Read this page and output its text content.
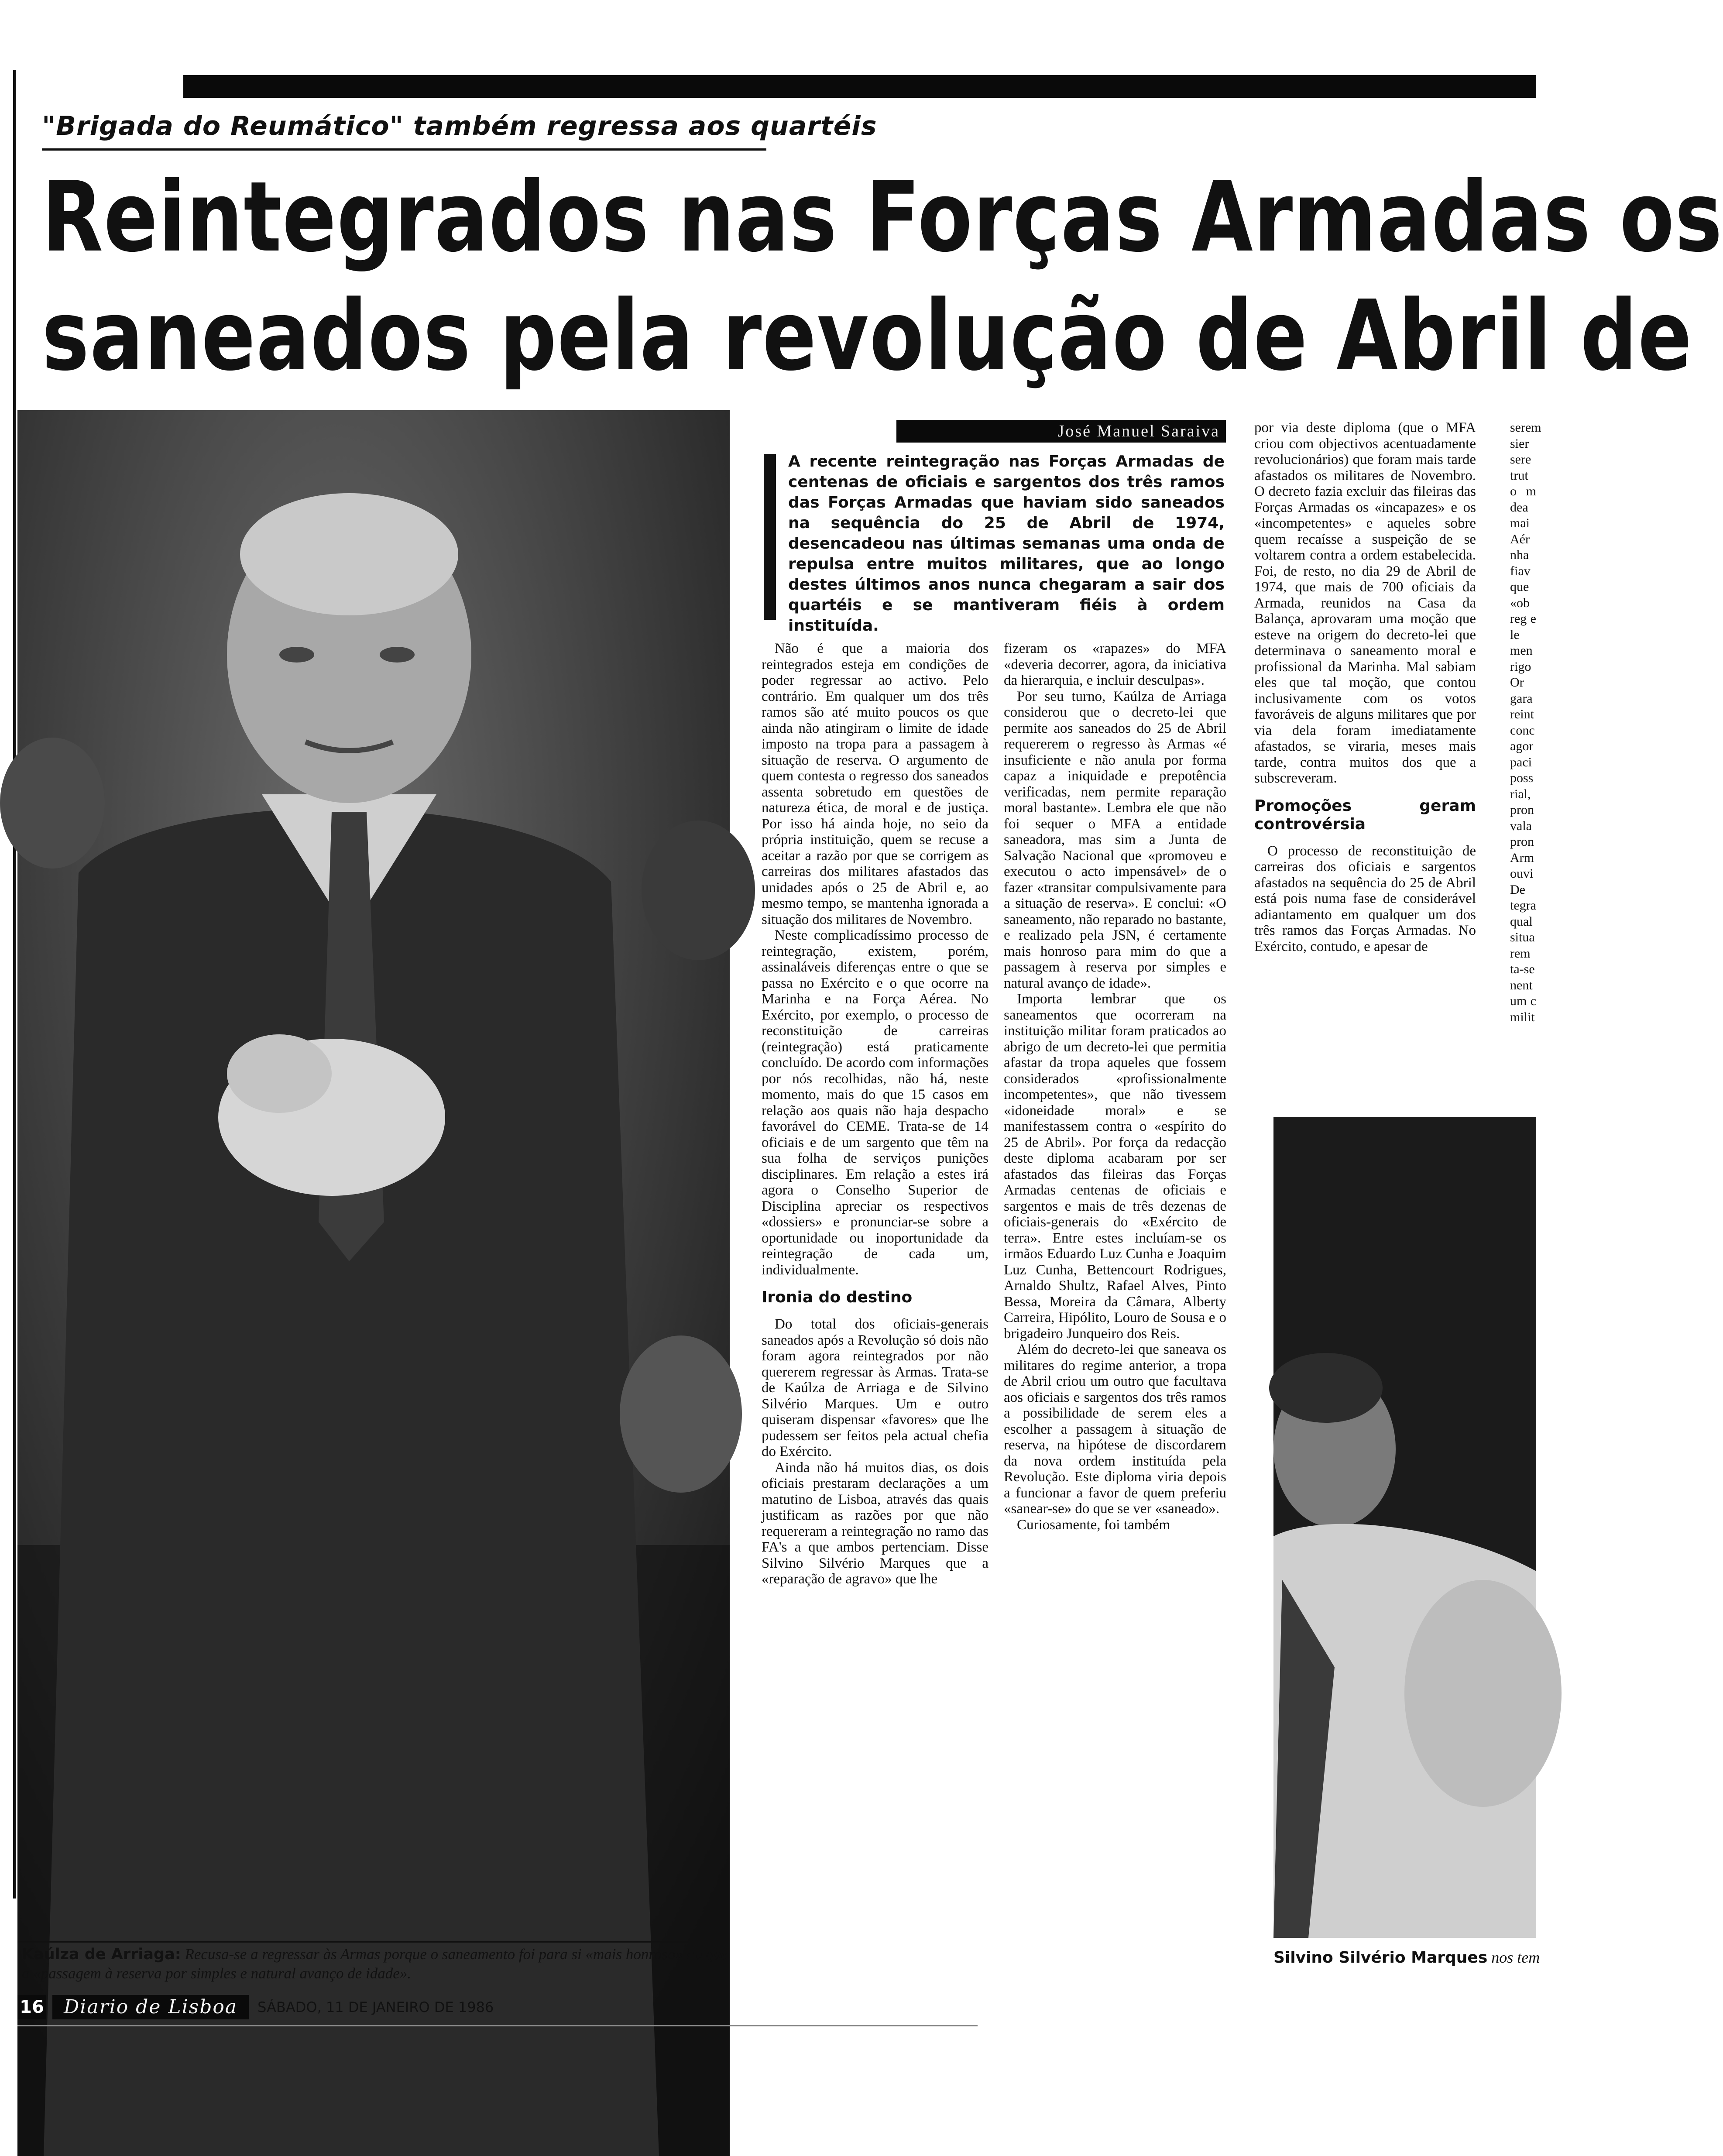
"Brigada do Reumático" também regressa aos quartéis
Reintegrados nas Forças Armadas os
saneados pela revolução de Abril de
José Manuel Saraiva
A recente reintegração nas Forças Armadas de centenas de oficiais e sargentos dos três ramos das Forças Armadas que haviam sido saneados na sequência do 25 de Abril de 1974, desencadeou nas últimas semanas uma onda de repulsa entre muitos militares, que ao longo destes últimos anos nunca chegaram a sair dos quartéis e se mantiveram fiéis à ordem instituída.

Não é que a maioria dos reintegrados esteja em condições de poder regressar ao activo. Pelo contrário. Em qualquer um dos três ramos são até muito poucos os que ainda não atingiram o limite de idade imposto na tropa para a passagem à situação de reserva. O argumento de quem contesta o regresso dos saneados assenta sobretudo em questões de natureza ética, de moral e de justiça. Por isso há ainda hoje, no seio da própria instituição, quem se recuse a aceitar a razão por que se corrigem as carreiras dos militares afastados das unidades após o 25 de Abril e, ao mesmo tempo, se mantenha ignorada a situação dos militares de Novembro.

Neste complicadíssimo processo de reintegração, existem, porém, assinaláveis diferenças entre o que se passa no Exército e o que ocorre na Marinha e na Força Aérea. No Exército, por exemplo, o processo de reconstituição de carreiras (reintegração) está praticamente concluído. De acordo com informações por nós recolhidas, não há, neste momento, mais do que 15 casos em relação aos quais não haja despacho favorável do CEME. Trata-se de 14 oficiais e de um sargento que têm na sua folha de serviços punições disciplinares. Em relação a estes irá agora o Conselho Superior de Disciplina apreciar os respectivos «dossiers» e pronunciar-se sobre a oportunidade ou inoportunidade da reintegração de cada um, individualmente.

Ironia do destino

Do total dos oficiais-generais saneados após a Revolução só dois não foram agora reintegrados por não quererem regressar às Armas. Trata-se de Kaúlza de Arriaga e de Silvino Silvério Marques. Um e outro quiseram dispensar «favores» que lhe pudessem ser feitos pela actual chefia do Exército.

Ainda não há muitos dias, os dois oficiais prestaram declarações a um matutino de Lisboa, através das quais justificam as razões por que não requereram a reintegração no ramo das FA's a que ambos pertenciam. Disse Silvino Silvério Marques que a «reparação de agravo» que lhe

fizeram os «rapazes» do MFA «deveria decorrer, agora, da iniciativa da hierarquia, e incluir desculpas».

Por seu turno, Kaúlza de Arriaga considerou que o decreto-lei que permite aos saneados do 25 de Abril requererem o regresso às Armas «é insuficiente e não anula por forma capaz a iniquidade e prepotência verificadas, nem permite reparação moral bastante». Lembra ele que não foi sequer o MFA a entidade saneadora, mas sim a Junta de Salvação Nacional que «promoveu e executou o acto impensável» de o fazer «transitar compulsivamente para a situação de reserva». E conclui: «O saneamento, não reparado no bastante, e realizado pela JSN, é certamente mais honroso para mim do que a passagem à reserva por simples e natural avanço de idade».

Importa lembrar que os saneamentos que ocorreram na instituição militar foram praticados ao abrigo de um decreto-lei que permitia afastar da tropa aqueles que fossem considerados «profissionalmente incompetentes», que não tivessem «idoneidade moral» e se manifestassem contra o «espírito do 25 de Abril». Por força da redacção deste diploma acabaram por ser afastados das fileiras das Forças Armadas centenas de oficiais e sargentos e mais de três dezenas de oficiais-generais do «Exército de terra». Entre estes incluíam-se os irmãos Eduardo Luz Cunha e Joaquim Luz Cunha, Bettencourt Rodrigues, Arnaldo Shultz, Rafael Alves, Pinto Bessa, Moreira da Câmara, Alberty Carreira, Hipólito, Louro de Sousa e o brigadeiro Junqueiro dos Reis.

Além do decreto-lei que saneava os militares do regime anterior, a tropa de Abril criou um outro que facultava aos oficiais e sargentos dos três ramos a possibilidade de serem eles a escolher a passagem à situação de reserva, na hipótese de discordarem da nova ordem instituída pela Revolução. Este diploma viria depois a funcionar a favor de quem preferiu «sanear-se» do que se ver «saneado».

Curiosamente, foi também

por via deste diploma (que o MFA criou com objectivos acentuadamente revolucionários) que foram mais tarde afastados os militares de Novembro. O decreto fazia excluir das fileiras das Forças Armadas os «incapazes» e os «incompetentes» e aqueles sobre quem recaísse a suspeição de se voltarem contra a ordem estabelecida. Foi, de resto, no dia 29 de Abril de 1974, que mais de 700 oficiais da Armada, reunidos na Casa da Balança, aprovaram uma moção que esteve na origem do decreto-lei que determinava o saneamento moral e profissional da Marinha. Mal sabiam eles que tal moção, que contou inclusivamente com os votos favoráveis de alguns militares que por via dela foram imediatamente afastados, se viraria, meses mais tarde, contra muitos dos que a subscreveram.

Promoções geram controvérsia

O processo de reconstituição de carreiras dos oficiais e sargentos afastados na sequência do 25 de Abril está pois numa fase de considerável adiantamento em qualquer um dos três ramos das Forças Armadas. No Exército, contudo, e apesar de

serem sier sere trut o m dea mai Aér nha fiav que «ob reg e le men rigo Or gara reint conc agor paci poss rial, pron vala pron Arm ouvi De tegra qual situa rem ta-se nent um c milit
Kaúlza de Arriaga: Recusa-se a regressar às Armas porque o saneamento foi para si «mais honroso» do que a «passagem à reserva por simples e natural avanço de idade».
Silvino Silvério Marques nos tem
16	Diario de Lisboa	SÁBADO, 11 DE JANEIRO DE 1986
